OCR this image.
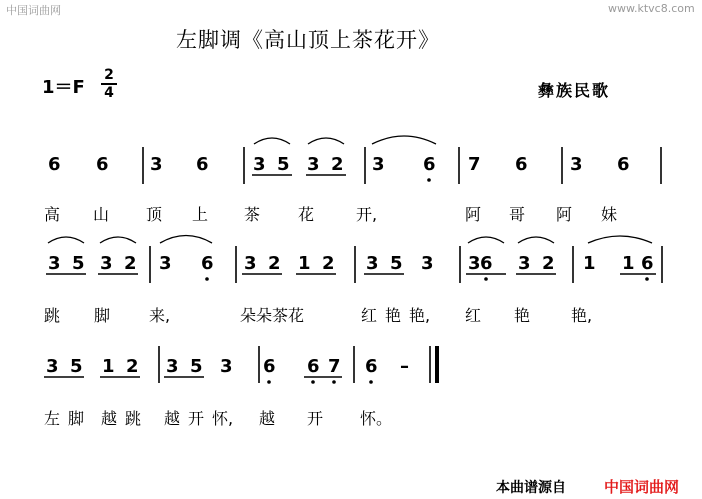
中国词曲网	www.ktvc8.com
左脚调《高山顶上茶花开》
1＝F
2
4	彝族民歌
6 6 3 6 3 5 3 2 3 6 7 6 3 6
高 山 顶 上 茶 花	开,	阿 哥 阿 妹
3 5 3 2 3 6 3 2 1 2 3 5 3 3 6 3 2 1 1 6
跳 脚 来,	朵朵茶花	红 艳 艳, 红 艳	艳,
3 5 1 2 3 5 3 6 6 7 6 –
左 脚 越 跳 越 开 怀, 越 开 怀。
本曲谱源自	中国词曲网
